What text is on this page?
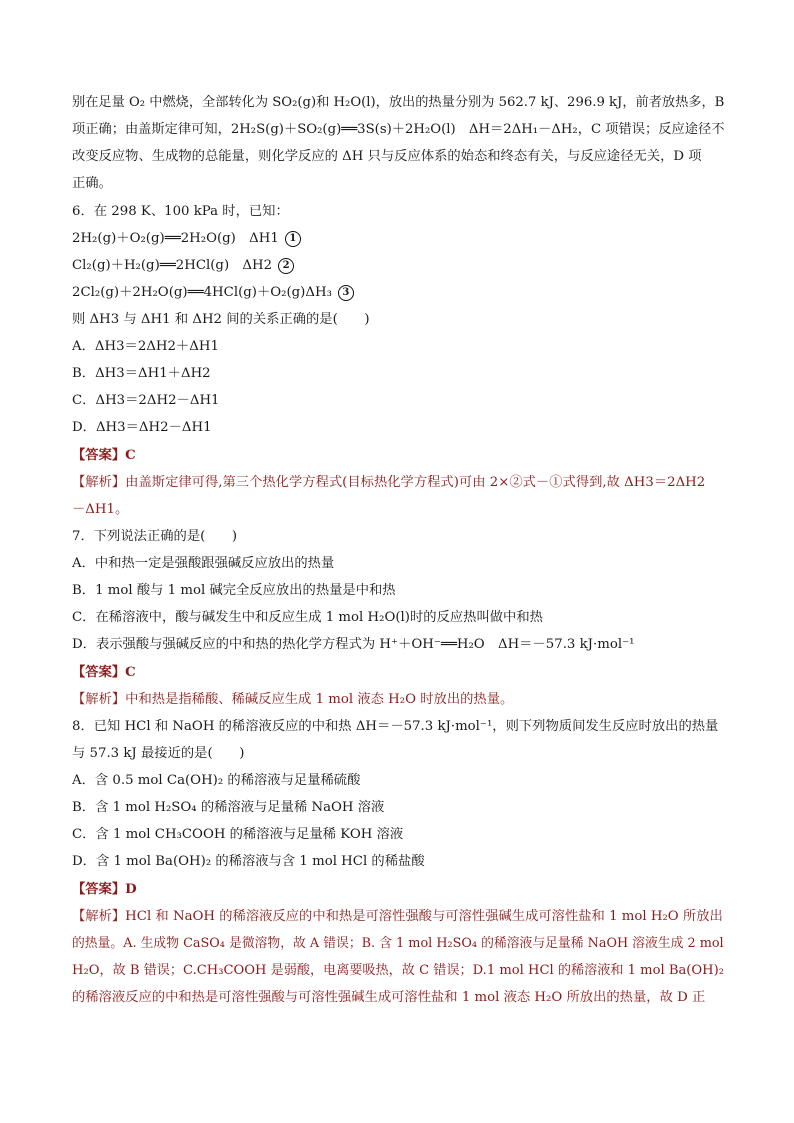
别在足量 O₂ 中燃烧，全部转化为 SO₂(g)和 H₂O(l)，放出的热量分别为 562.7 kJ、296.9 kJ，前者放热多，B
项正确；由盖斯定律可知，2H₂S(g)＋SO₂(g)══3S(s)＋2H₂O(l)　ΔH＝2ΔH₁－ΔH₂，C 项错误；反应途径不
改变反应物、生成物的总能量，则化学反应的 ΔH 只与反应体系的始态和终态有关，与反应途径无关，D 项
正确。
6．在 298 K、100 kPa 时，已知：
2H₂(g)＋O₂(g)══2H₂O(g)　ΔH1 1
Cl₂(g)＋H₂(g)══2HCl(g)　ΔH2 2
2Cl₂(g)＋2H₂O(g)══4HCl(g)＋O₂(g)ΔH₃ 3
则 ΔH3 与 ΔH1 和 ΔH2 间的关系正确的是(　　)
A．ΔH3＝2ΔH2＋ΔH1
B．ΔH3＝ΔH1＋ΔH2
C．ΔH3＝2ΔH2－ΔH1
D．ΔH3＝ΔH2－ΔH1
【答案】C
【解析】由盖斯定律可得,第三个热化学方程式(目标热化学方程式)可由 2×②式－①式得到,故 ΔH3＝2ΔH2
－ΔH1。
7．下列说法正确的是(　　)
A．中和热一定是强酸跟强碱反应放出的热量
B．1 mol 酸与 1 mol 碱完全反应放出的热量是中和热
C．在稀溶液中，酸与碱发生中和反应生成 1 mol H₂O(l)时的反应热叫做中和热
D．表示强酸与强碱反应的中和热的热化学方程式为 H⁺＋OH⁻══H₂O　ΔH＝－57.3 kJ·mol⁻¹
【答案】C
【解析】中和热是指稀酸、稀碱反应生成 1 mol 液态 H₂O 时放出的热量。
8．已知 HCl 和 NaOH 的稀溶液反应的中和热 ΔH＝－57.3 kJ·mol⁻¹，则下列物质间发生反应时放出的热量
与 57.3 kJ 最接近的是(　　)
A．含 0.5 mol Ca(OH)₂ 的稀溶液与足量稀硫酸
B．含 1 mol H₂SO₄ 的稀溶液与足量稀 NaOH 溶液
C．含 1 mol CH₃COOH 的稀溶液与足量稀 KOH 溶液
D．含 1 mol Ba(OH)₂ 的稀溶液与含 1 mol HCl 的稀盐酸
【答案】D
【解析】HCl 和 NaOH 的稀溶液反应的中和热是可溶性强酸与可溶性强碱生成可溶性盐和 1 mol H₂O 所放出
的热量。A. 生成物 CaSO₄ 是微溶物，故 A 错误；B. 含 1 mol H₂SO₄ 的稀溶液与足量稀 NaOH 溶液生成 2 mol
H₂O，故 B 错误；C.CH₃COOH 是弱酸，电离要吸热，故 C 错误；D.1 mol HCl 的稀溶液和 1 mol Ba(OH)₂
的稀溶液反应的中和热是可溶性强酸与可溶性强碱生成可溶性盐和 1 mol 液态 H₂O 所放出的热量，故 D 正
